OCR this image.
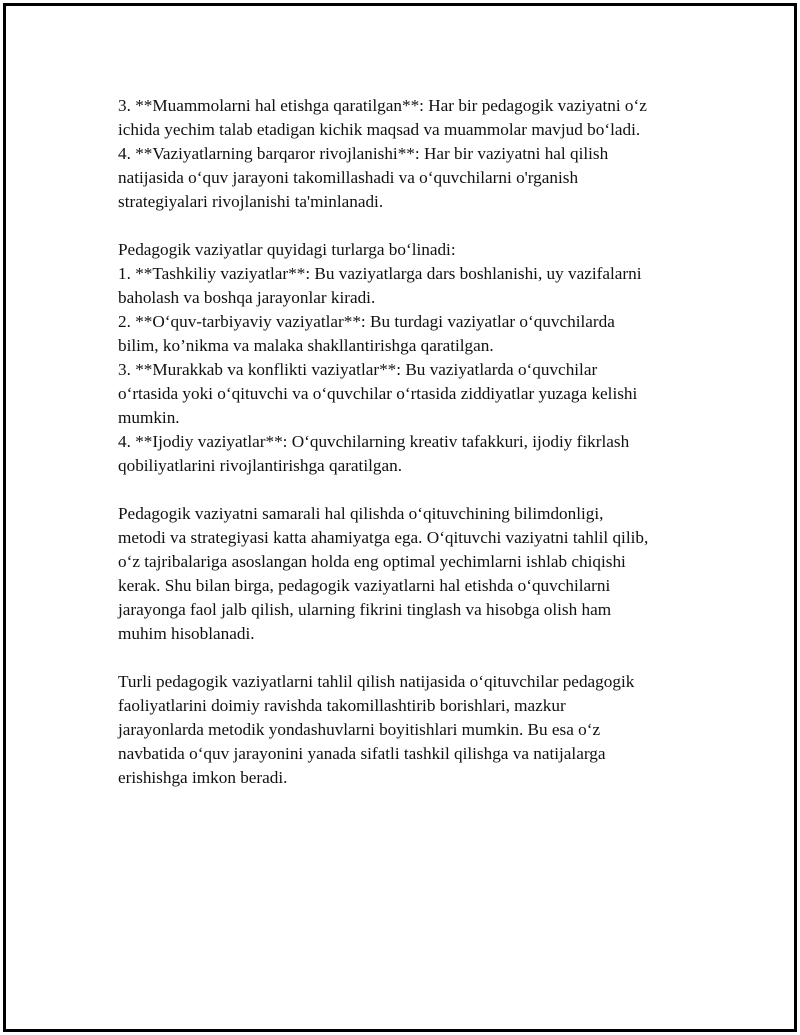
3. **Muammolarni hal etishga qaratilgan**: Har bir pedagogik vaziyatni o‘z
ichida yechim talab etadigan kichik maqsad va muammolar mavjud bo‘ladi.
4. **Vaziyatlarning barqaror rivojlanishi**: Har bir vaziyatni hal qilish
natijasida o‘quv jarayoni takomillashadi va o‘quvchilarni o'rganish
strategiyalari rivojlanishi ta'minlanadi.
Pedagogik vaziyatlar quyidagi turlarga bo‘linadi:
1. **Tashkiliy vaziyatlar**: Bu vaziyatlarga dars boshlanishi, uy vazifalarni
baholash va boshqa jarayonlar kiradi.
2. **O‘quv-tarbiyaviy vaziyatlar**: Bu turdagi vaziyatlar o‘quvchilarda
bilim, ko’nikma va malaka shakllantirishga qaratilgan.
3. **Murakkab va konflikti vaziyatlar**: Bu vaziyatlarda o‘quvchilar
o‘rtasida yoki o‘qituvchi va o‘quvchilar o‘rtasida ziddiyatlar yuzaga kelishi
mumkin.
4. **Ijodiy vaziyatlar**: O‘quvchilarning kreativ tafakkuri, ijodiy fikrlash
qobiliyatlarini rivojlantirishga qaratilgan.
Pedagogik vaziyatni samarali hal qilishda o‘qituvchining bilimdonligi,
metodi va strategiyasi katta ahamiyatga ega. O‘qituvchi vaziyatni tahlil qilib,
o‘z tajribalariga asoslangan holda eng optimal yechimlarni ishlab chiqishi
kerak. Shu bilan birga, pedagogik vaziyatlarni hal etishda o‘quvchilarni
jarayonga faol jalb qilish, ularning fikrini tinglash va hisobga olish ham
muhim hisoblanadi.
Turli pedagogik vaziyatlarni tahlil qilish natijasida o‘qituvchilar pedagogik
faoliyatlarini doimiy ravishda takomillashtirib borishlari, mazkur
jarayonlarda metodik yondashuvlarni boyitishlari mumkin. Bu esa o‘z
navbatida o‘quv jarayonini yanada sifatli tashkil qilishga va natijalarga
erishishga imkon beradi.
